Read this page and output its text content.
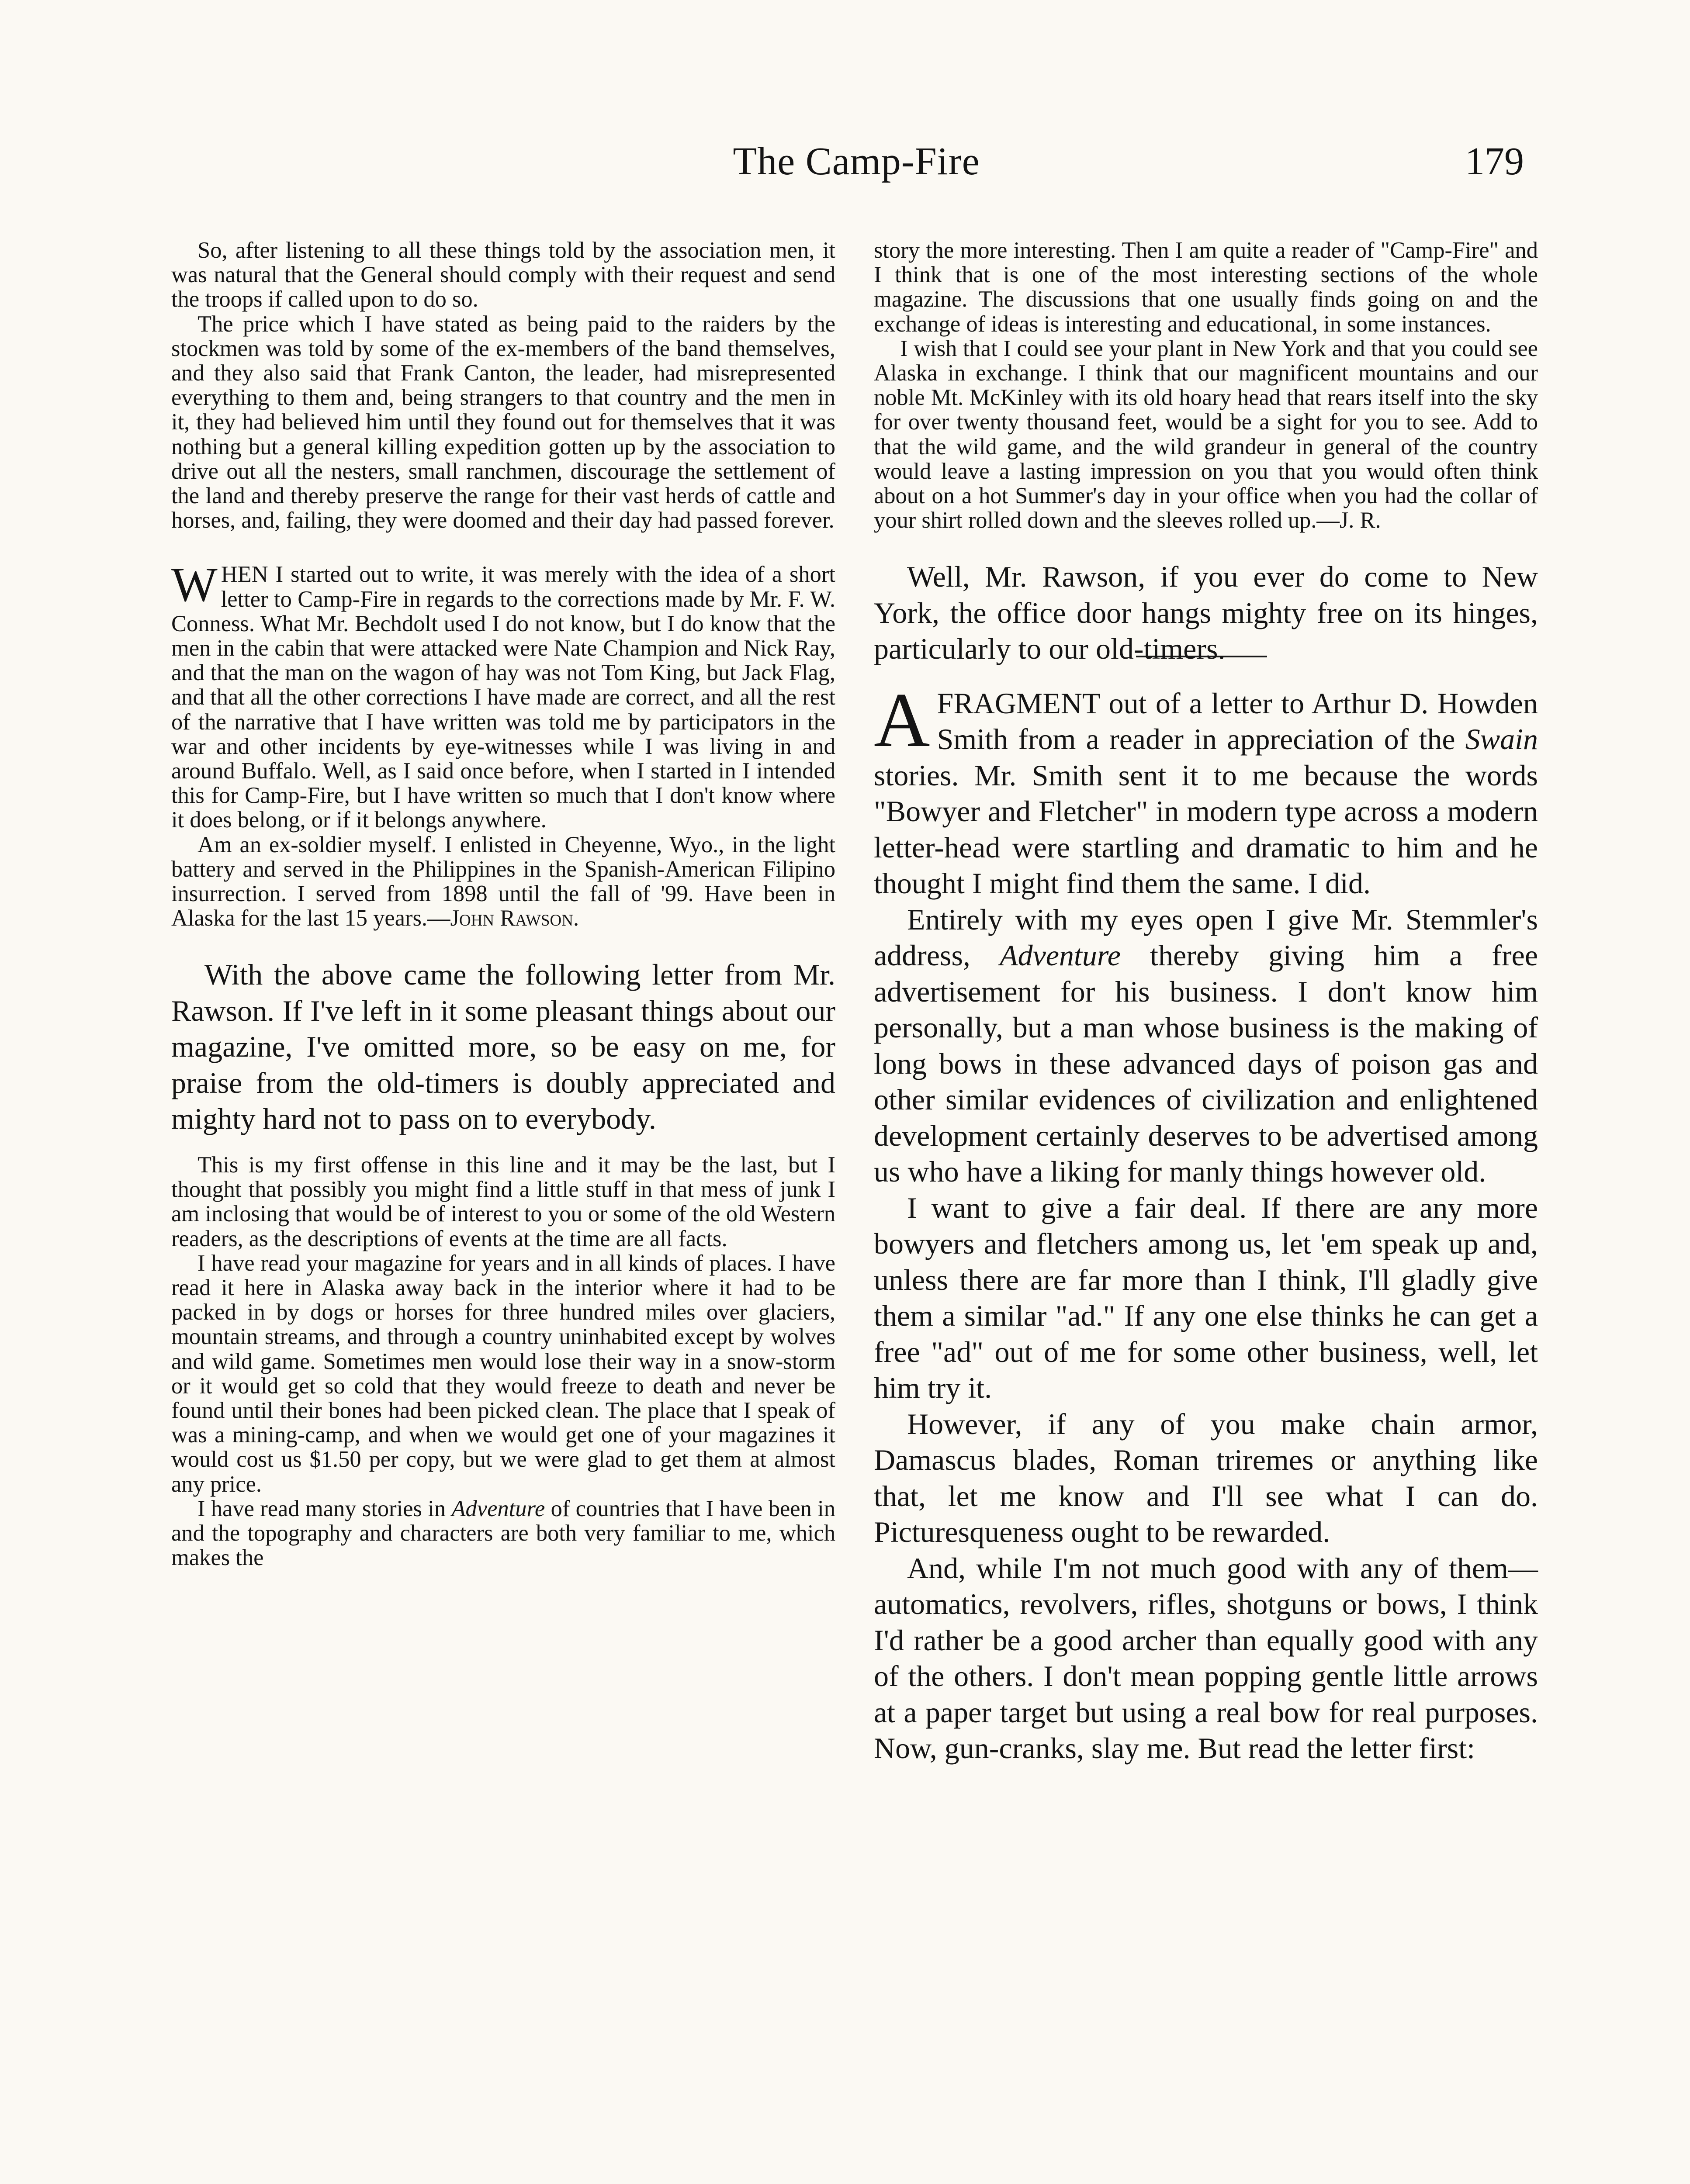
The Camp-Fire	179

So, after listening to all these things told by the association men, it was natural that the General should comply with their request and send the troops if called upon to do so.

The price which I have stated as being paid to the raiders by the stockmen was told by some of the ex-members of the band themselves, and they also said that Frank Canton, the leader, had misrepresented everything to them and, being strangers to that country and the men in it, they had believed him until they found out for themselves that it was nothing but a general killing expedition gotten up by the association to drive out all the nesters, small ranchmen, discourage the settlement of the land and thereby preserve the range for their vast herds of cattle and horses, and, failing, they were doomed and their day had passed forever.

WHEN I started out to write, it was merely with the idea of a short letter to Camp-Fire in regards to the corrections made by Mr. F. W. Conness. What Mr. Bechdolt used I do not know, but I do know that the men in the cabin that were attacked were Nate Champion and Nick Ray, and that the man on the wagon of hay was not Tom King, but Jack Flag, and that all the other corrections I have made are correct, and all the rest of the narrative that I have written was told me by participators in the war and other incidents by eye-witnesses while I was living in and around Buffalo. Well, as I said once before, when I started in I intended this for Camp-Fire, but I have written so much that I don't know where it does belong, or if it belongs anywhere.

Am an ex-soldier myself. I enlisted in Cheyenne, Wyo., in the light battery and served in the Philippines in the Spanish-American Filipino insurrection. I served from 1898 until the fall of '99. Have been in Alaska for the last 15 years.—John Rawson.

With the above came the following letter from Mr. Rawson. If I've left in it some pleasant things about our magazine, I've omitted more, so be easy on me, for praise from the old-timers is doubly appreciated and mighty hard not to pass on to everybody.

This is my first offense in this line and it may be the last, but I thought that possibly you might find a little stuff in that mess of junk I am inclosing that would be of interest to you or some of the old Western readers, as the descriptions of events at the time are all facts.

I have read your magazine for years and in all kinds of places. I have read it here in Alaska away back in the interior where it had to be packed in by dogs or horses for three hundred miles over glaciers, mountain streams, and through a country uninhabited except by wolves and wild game. Sometimes men would lose their way in a snow-storm or it would get so cold that they would freeze to death and never be found until their bones had been picked clean. The place that I speak of was a mining-camp, and when we would get one of your magazines it would cost us $1.50 per copy, but we were glad to get them at almost any price.

I have read many stories in Adventure of countries that I have been in and the topography and characters are both very familiar to me, which makes the

story the more interesting. Then I am quite a reader of "Camp-Fire" and I think that is one of the most interesting sections of the whole magazine. The discussions that one usually finds going on and the exchange of ideas is interesting and educational, in some instances.

I wish that I could see your plant in New York and that you could see Alaska in exchange. I think that our magnificent mountains and our noble Mt. McKinley with its old hoary head that rears itself into the sky for over twenty thousand feet, would be a sight for you to see. Add to that the wild game, and the wild grandeur in general of the country would leave a lasting impression on you that you would often think about on a hot Summer's day in your office when you had the collar of your shirt rolled down and the sleeves rolled up.—J. R.

Well, Mr. Rawson, if you ever do come to New York, the office door hangs mighty free on its hinges, particularly to our old-timers.

A FRAGMENT out of a letter to Arthur D. Howden Smith from a reader in appreciation of the Swain stories. Mr. Smith sent it to me because the words "Bowyer and Fletcher" in modern type across a modern letter-head were startling and dramatic to him and he thought I might find them the same. I did.

Entirely with my eyes open I give Mr. Stemmler's address, Adventure thereby giving him a free advertisement for his business. I don't know him personally, but a man whose business is the making of long bows in these advanced days of poison gas and other similar evidences of civilization and enlightened development certainly deserves to be advertised among us who have a liking for manly things however old.

I want to give a fair deal. If there are any more bowyers and fletchers among us, let 'em speak up and, unless there are far more than I think, I'll gladly give them a similar "ad." If any one else thinks he can get a free "ad" out of me for some other business, well, let him try it.

However, if any of you make chain armor, Damascus blades, Roman triremes or anything like that, let me know and I'll see what I can do. Picturesqueness ought to be rewarded.

And, while I'm not much good with any of them—automatics, revolvers, rifles, shotguns or bows, I think I'd rather be a good archer than equally good with any of the others. I don't mean popping gentle little arrows at a paper target but using a real bow for real purposes. Now, gun-cranks, slay me. But read the letter first:
